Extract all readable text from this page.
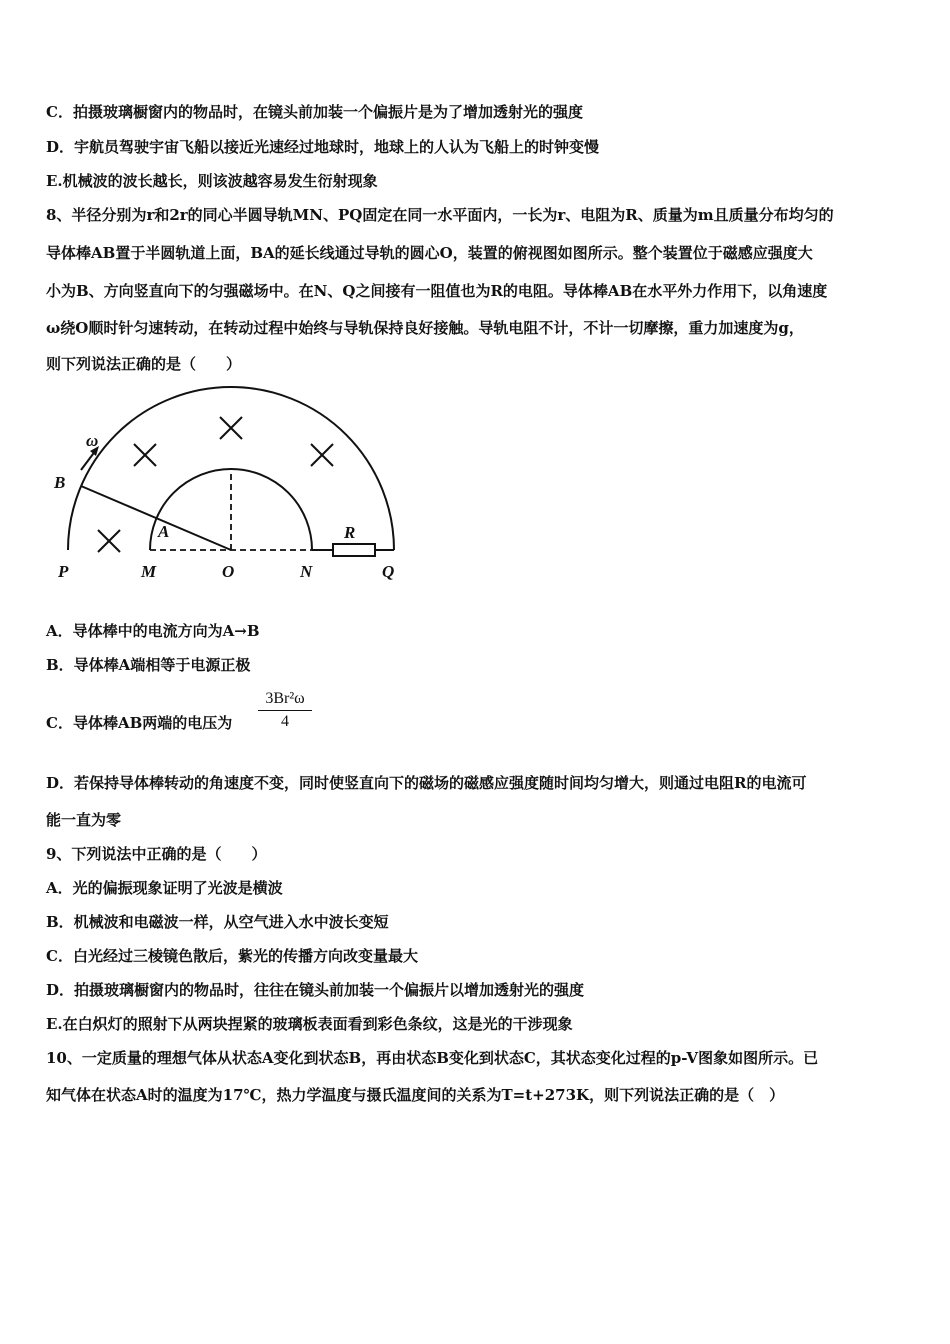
C．拍摄玻璃橱窗内的物品时，在镜头前加装一个偏振片是为了增加透射光的强度
D．宇航员驾驶宇宙飞船以接近光速经过地球时，地球上的人认为飞船上的时钟变慢
E.机械波的波长越长，则该波越容易发生衍射现象
8、半径分别为r和2r的同心半圆导轨MN、PQ固定在同一水平面内，一长为r、电阻为R、质量为m且质量分布均匀的
导体棒AB置于半圆轨道上面，BA的延长线通过导轨的圆心O，装置的俯视图如图所示。整个装置位于磁感应强度大
小为B、方向竖直向下的匀强磁场中。在N、Q之间接有一阻值也为R的电阻。导体棒AB在水平外力作用下，以角速度
ω绕O顺时针匀速转动，在转动过程中始终与导轨保持良好接触。导轨电阻不计，不计一切摩擦，重力加速度为g，
则下列说法正确的是（　　）
ω
B
A	R
P	M	O	N	Q
A．导体棒中的电流方向为A→B
B．导体棒A端相等于电源正极
C．导体棒AB两端的电压为 $\frac{\text{3Br²ω}}{4}$
D．若保持导体棒转动的角速度不变，同时使竖直向下的磁场的磁感应强度随时间均匀增大，则通过电阻R的电流可
能一直为零
9、下列说法中正确的是（　　）
A．光的偏振现象证明了光波是横波
B．机械波和电磁波一样，从空气进入水中波长变短
C．白光经过三棱镜色散后，紫光的传播方向改变量最大
D．拍摄玻璃橱窗内的物品时，往往在镜头前加装一个偏振片以增加透射光的强度
E.在白炽灯的照射下从两块捏紧的玻璃板表面看到彩色条纹，这是光的干涉现象
10、一定质量的理想气体从状态A变化到状态B，再由状态B变化到状态C，其状态变化过程的p-V图象如图所示。已
知气体在状态A时的温度为17℃，热力学温度与摄氏温度间的关系为T=t+273K，则下列说法正确的是（　）
